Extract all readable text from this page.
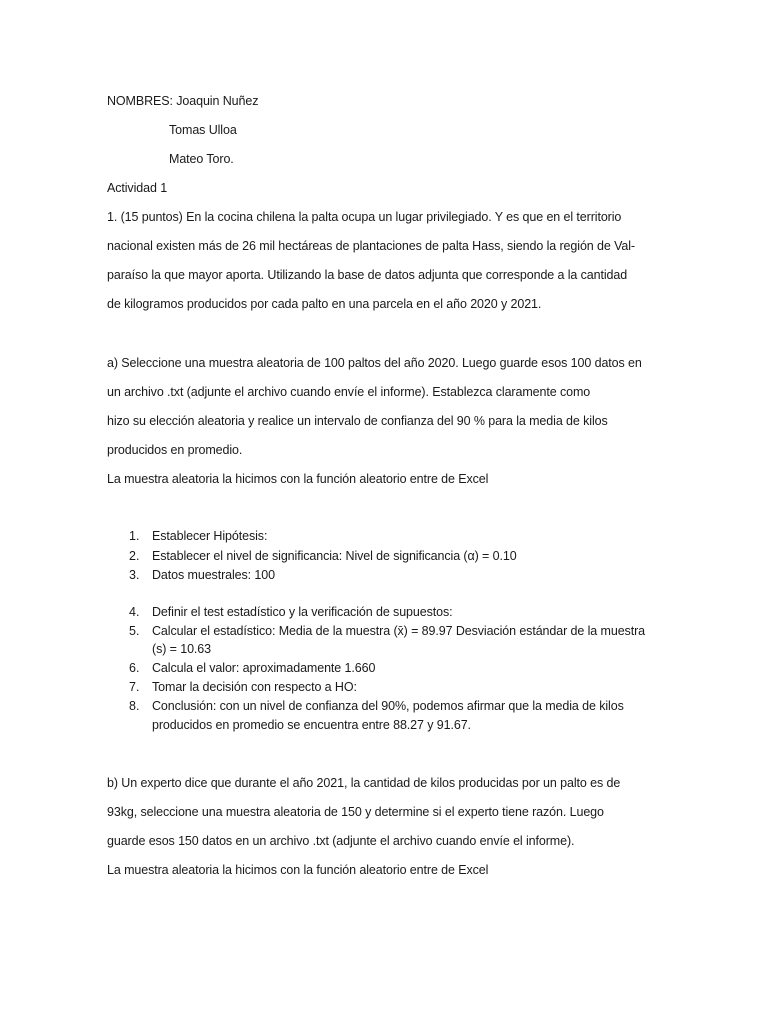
NOMBRES: Joaquin Nuñez
Tomas Ulloa
Mateo Toro.
Actividad 1
1. (15 puntos) En la cocina chilena la palta ocupa un lugar privilegiado. Y es que en el territorio
nacional existen más de 26 mil hectáreas de plantaciones de palta Hass, siendo la región de Val-
paraíso la que mayor aporta. Utilizando la base de datos adjunta que corresponde a la cantidad
de kilogramos producidos por cada palto en una parcela en el año 2020 y 2021.
a) Seleccione una muestra aleatoria de 100 paltos del año 2020. Luego guarde esos 100 datos en
un archivo .txt (adjunte el archivo cuando envíe el informe). Establezca claramente como
hizo su elección aleatoria y realice un intervalo de confianza del 90 % para la media de kilos
producidos en promedio.
La muestra aleatoria la hicimos con la función aleatorio entre de Excel
1. Establecer Hipótesis:
2. Establecer el nivel de significancia: Nivel de significancia (α) = 0.10
3. Datos muestrales: 100
4. Definir el test estadístico y la verificación de supuestos:
5. Calcular el estadístico: Media de la muestra (x̄) = 89.97 Desviación estándar de la muestra
(s) = 10.63
6. Calcula el valor: aproximadamente 1.660
7. Tomar la decisión con respecto a HO:
8. Conclusión: con un nivel de confianza del 90%, podemos afirmar que la media de kilos
producidos en promedio se encuentra entre 88.27 y 91.67.
b) Un experto dice que durante el año 2021, la cantidad de kilos producidas por un palto es de
93kg, seleccione una muestra aleatoria de 150 y determine si el experto tiene razón. Luego
guarde esos 150 datos en un archivo .txt (adjunte el archivo cuando envíe el informe).
La muestra aleatoria la hicimos con la función aleatorio entre de Excel
